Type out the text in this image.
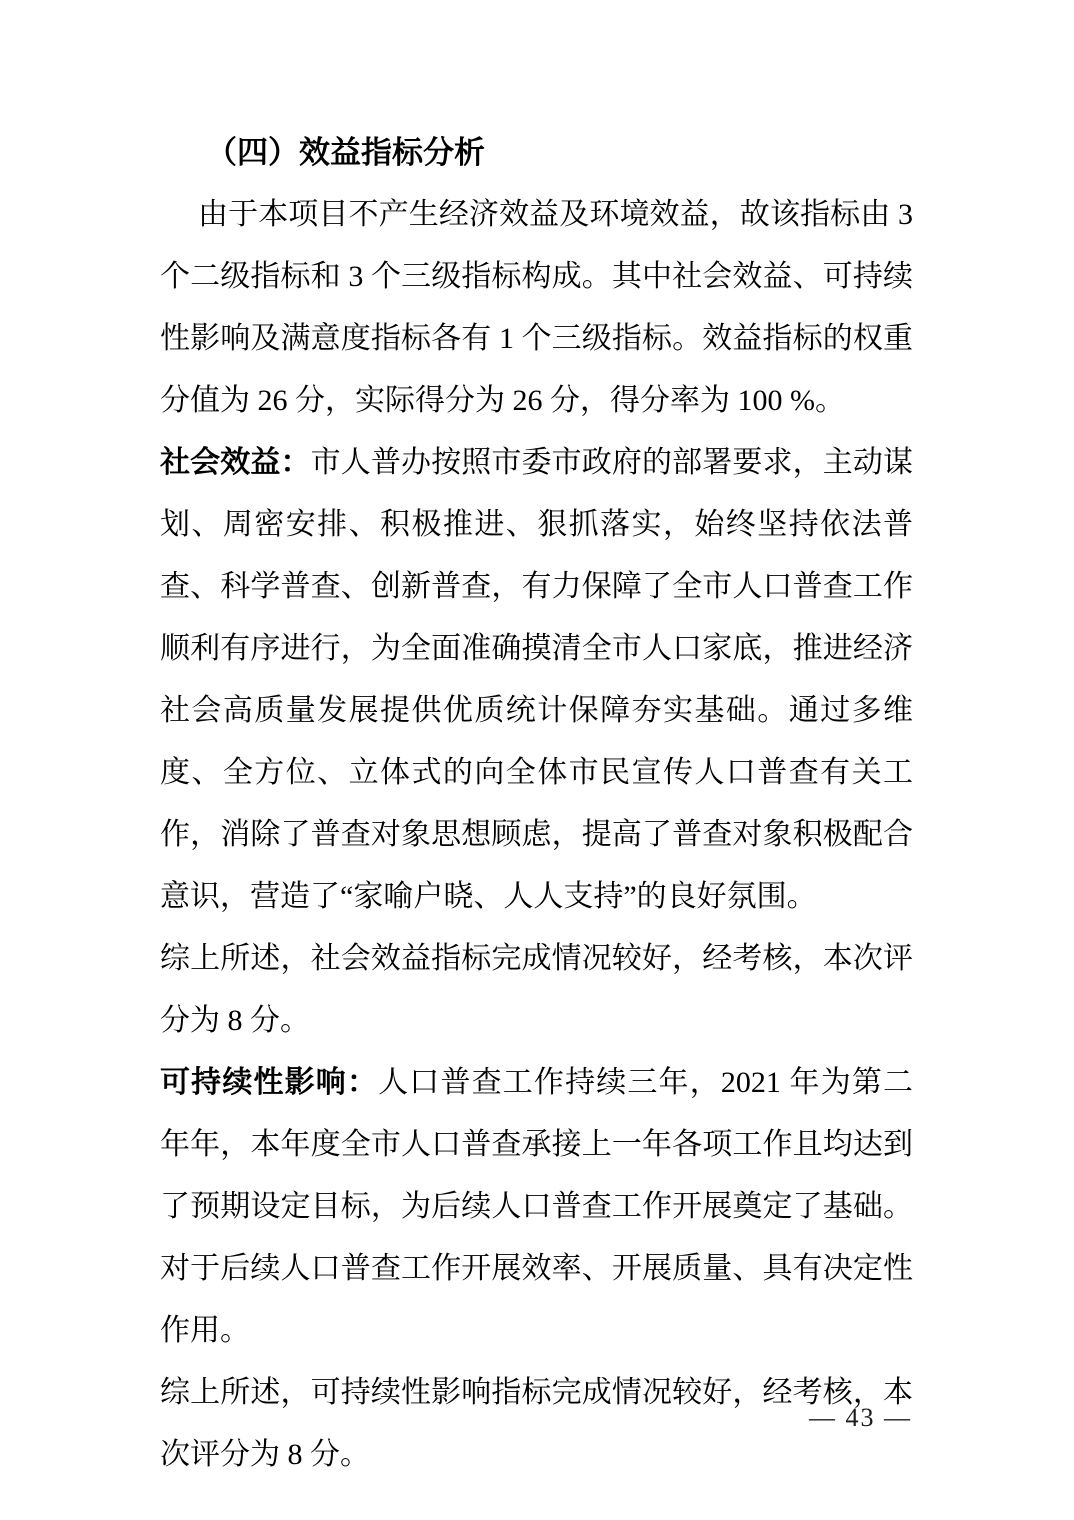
（四）效益指标分析

由于本项目不产生经济效益及环境效益，故该指标由 3 个二级指标和 3 个三级指标构成。其中社会效益、可持续性影响及满意度指标各有 1 个三级指标。效益指标的权重分值为 26 分，实际得分为 26 分，得分率为 100 %。

社会效益：市人普办按照市委市政府的部署要求，主动谋划、周密安排、积极推进、狠抓落实，始终坚持依法普查、科学普查、创新普查，有力保障了全市人口普查工作顺利有序进行，为全面准确摸清全市人口家底，推进经济社会高质量发展提供优质统计保障夯实基础。通过多维度、全方位、立体式的向全体市民宣传人口普查有关工作，消除了普查对象思想顾虑，提高了普查对象积极配合意识，营造了“家喻户晓、人人支持”的良好氛围。

综上所述，社会效益指标完成情况较好，经考核，本次评分为 8 分。

可持续性影响：人口普查工作持续三年，2021 年为第二年年，本年度全市人口普查承接上一年各项工作且均达到了预期设定目标，为后续人口普查工作开展奠定了基础。对于后续人口普查工作开展效率、开展质量、具有决定性作用。

综上所述，可持续性影响指标完成情况较好，经考核，本次评分为 8 分。

— 43 —
